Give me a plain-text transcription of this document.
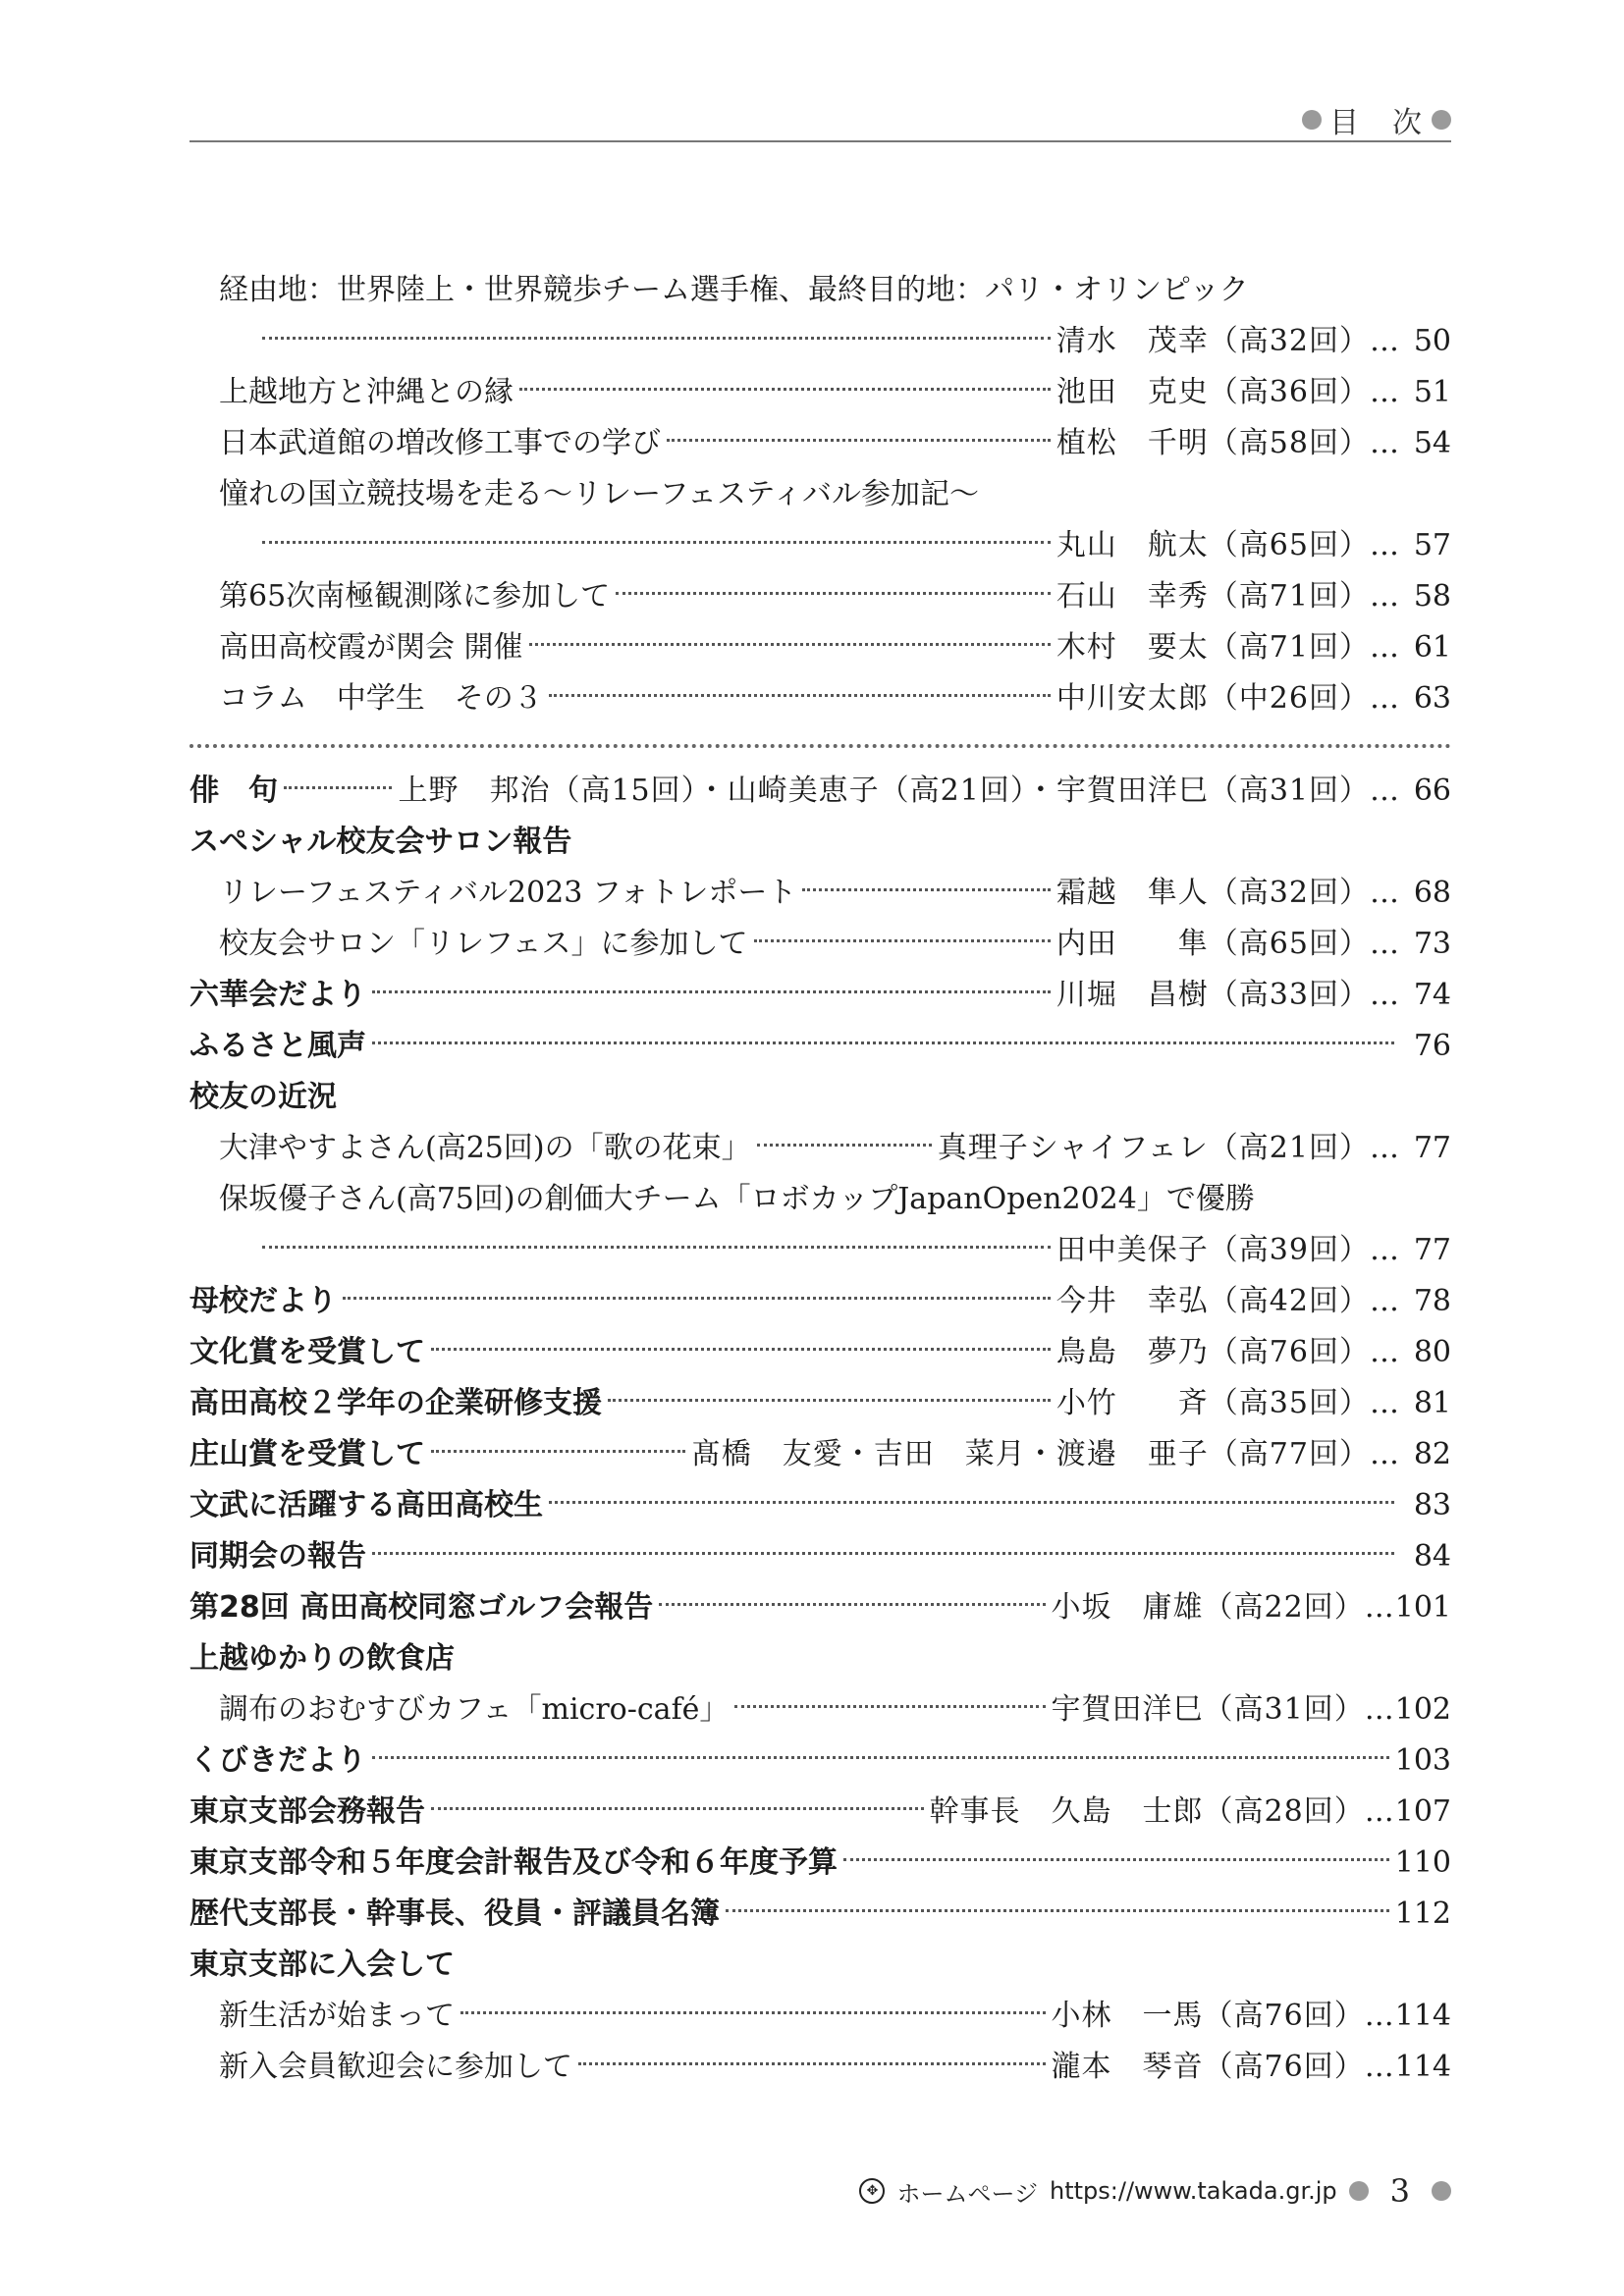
目　次
経由地：世界陸上・世界競歩チーム選手権、最終目的地：パリ・オリンピック
清水　茂幸（高32回）… 50
上越地方と沖縄との縁	池田　克史（高36回）… 51
日本武道館の増改修工事での学び	植松　千明（高58回）… 54
憧れの国立競技場を走る～リレーフェスティバル参加記～
丸山　航太（高65回）… 57
第65次南極観測隊に参加して	石山　幸秀（高71回）… 58
高田高校霞が関会 開催	木村　要太（高71回）… 61
コラム　中学生　その３	中川安太郎（中26回）… 63
俳　句	上野　邦治（高15回）・山崎美恵子（高21回）・宇賀田洋巳（高31回）… 66
スペシャル校友会サロン報告
リレーフェスティバル2023 フォトレポート	霜越　隼人（高32回）… 68
校友会サロン「リレフェス」に参加して	内田　　隼（高65回）… 73
六華会だより	川堀　昌樹（高33回）… 74
ふるさと風声	76
校友の近況
大津やすよさん(高25回)の「歌の花束」	真理子シャイフェレ（高21回）… 77
保坂優子さん(高75回)の創価大チーム「ロボカップJapanOpen2024」で優勝
田中美保子（高39回）… 77
母校だより	今井　幸弘（高42回）… 78
文化賞を受賞して	鳥島　夢乃（高76回）… 80
高田高校２学年の企業研修支援	小竹　　斉（高35回）… 81
庄山賞を受賞して	髙橋　友愛・吉田　菜月・渡邉　亜子（高77回）… 82
文武に活躍する高田高校生	83
同期会の報告	84
第28回 高田高校同窓ゴルフ会報告	小坂　庸雄（高22回）… 101
上越ゆかりの飲食店
調布のおむすびカフェ「micro-café」	宇賀田洋巳（高31回）… 102
くびきだより	103
東京支部会務報告	幹事長　久島　士郎（高28回）… 107
東京支部令和５年度会計報告及び令和６年度予算	110
歴代支部長・幹事長、役員・評議員名簿	112
東京支部に入会して
新生活が始まって	小林　一馬（高76回）… 114
新入会員歓迎会に参加して	瀧本　琴音（高76回）… 114
✥ ホームページ https://www.takada.gr.jp 3
